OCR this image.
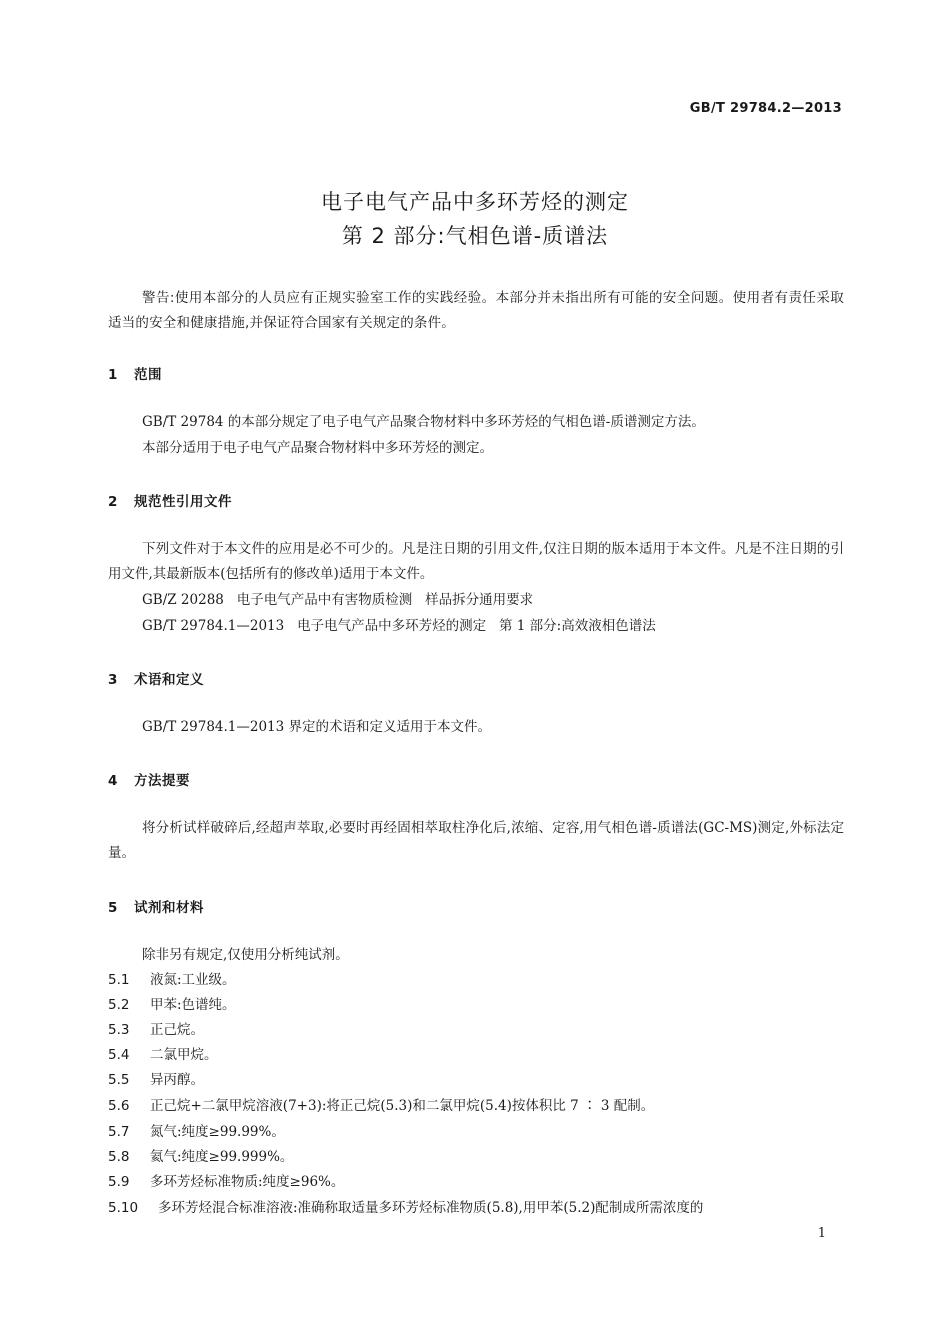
GB/T 29784.2—2013
电子电气产品中多环芳烃的测定
第 2 部分:气相色谱-质谱法
警告:使用本部分的人员应有正规实验室工作的实践经验。本部分并未指出所有可能的安全问题。使用者有责任采取适当的安全和健康措施,并保证符合国家有关规定的条件。
1 范围
GB/T 29784 的本部分规定了电子电气产品聚合物材料中多环芳烃的气相色谱-质谱测定方法。
本部分适用于电子电气产品聚合物材料中多环芳烃的测定。
2 规范性引用文件
下列文件对于本文件的应用是必不可少的。凡是注日期的引用文件,仅注日期的版本适用于本文件。凡是不注日期的引用文件,其最新版本(包括所有的修改单)适用于本文件。
GB/Z 20288   电子电气产品中有害物质检测   样品拆分通用要求
GB/T 29784.1—2013   电子电气产品中多环芳烃的测定   第 1 部分:高效液相色谱法
3 术语和定义
GB/T 29784.1—2013 界定的术语和定义适用于本文件。
4 方法提要
将分析试样破碎后,经超声萃取,必要时再经固相萃取柱净化后,浓缩、定容,用气相色谱-质谱法(GC-MS)测定,外标法定量。
5 试剂和材料
除非另有规定,仅使用分析纯试剂。
5.1 液氮:工业级。
5.2 甲苯:色谱纯。
5.3 正己烷。
5.4 二氯甲烷。
5.5 异丙醇。
5.6 正己烷+二氯甲烷溶液(7+3):将正己烷(5.3)和二氯甲烷(5.4)按体积比 7 ∶ 3 配制。
5.7 氮气:纯度≥99.99%。
5.8 氦气:纯度≥99.999%。
5.9 多环芳烃标准物质:纯度≥96%。
5.10 多环芳烃混合标准溶液:准确称取适量多环芳烃标准物质(5.8),用甲苯(5.2)配制成所需浓度的
1
